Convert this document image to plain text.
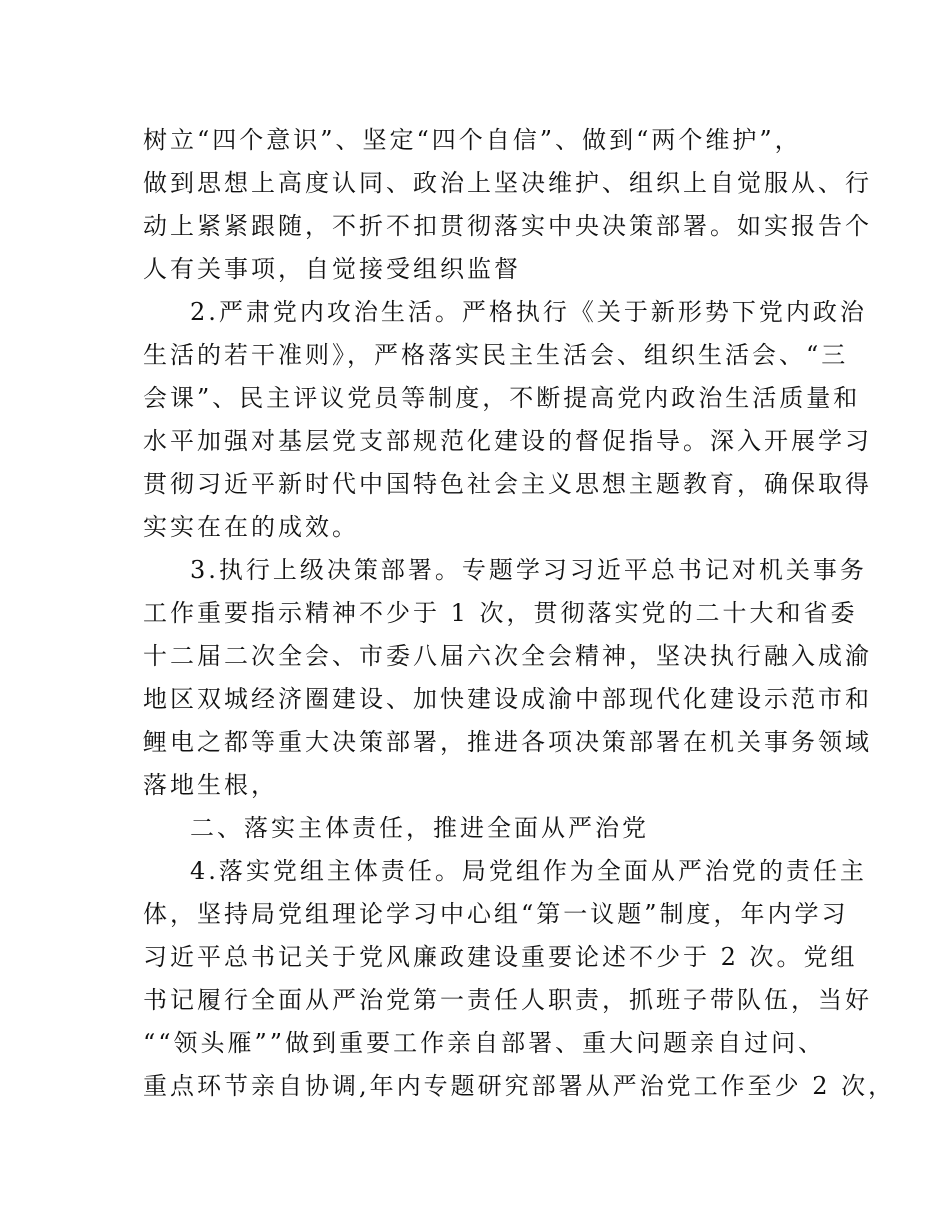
树立“四个意识”、坚定“四个自信”、做到“两个维护”，
做到思想上高度认同、政治上坚决维护、组织上自觉服从、行
动上紧紧跟随，不折不扣贯彻落实中央决策部署。如实报告个
人有关事项，自觉接受组织监督
2.严肃党内攻治生活。严格执行《关于新形势下党内政治
生活的若干准则》，严格落实民主生活会、组织生活会、“三
会课”、民主评议党员等制度，不断提高党内政治生活质量和
水平加强对基层党支部规范化建设的督促指导。深入开展学习
贯彻习近平新时代中国特色社会主义思想主题教育，确保取得
实实在在的成效。
3.执行上级决策部署。专题学习习近平总书记对机关事务
工作重要指示精神不少于 1 次，贯彻落实党的二十大和省委
十二届二次全会、市委八届六次全会精神，坚决执行融入成渝
地区双城经济圈建设、加快建设成渝中部现代化建设示范市和
鲤电之都等重大决策部署，推进各项决策部署在机关事务领域
落地生根，
二、落实主体责任，推进全面从严治党
4.落实党组主体责任。局党组作为全面从严治党的责任主
体，坚持局党组理论学习中心组“第一议题”制度，年内学习
习近平总书记关于党风廉政建设重要论述不少于 2 次。党组
书记履行全面从严治党第一责任人职责，抓班子带队伍，当好
““领头雁””做到重要工作亲自部署、重大问题亲自过问、
重点环节亲自协调,年内专题研究部署从严治党工作至少 2 次，
